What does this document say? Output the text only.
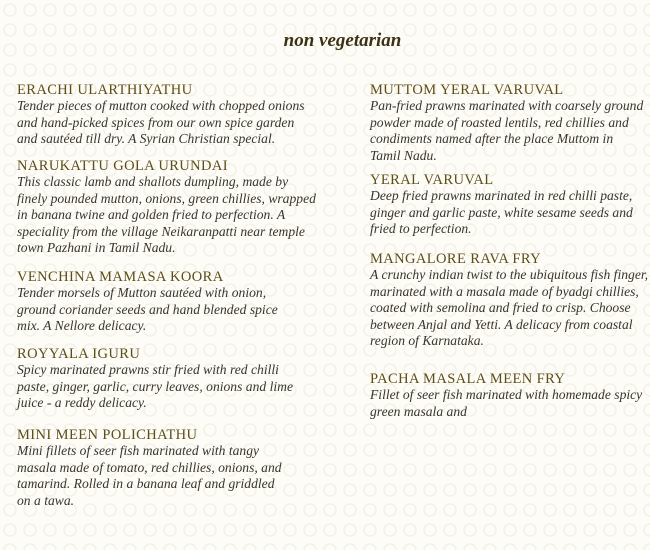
non vegetarian
ERACHI ULARTHIYATHU
Tender pieces of mutton cooked with chopped onions
and hand-picked spices from our own spice garden
and sautéed till dry. A Syrian Christian special.
NARUKATTU GOLA URUNDAI
This classic lamb and shallots dumpling, made by
finely pounded mutton, onions, green chillies, wrapped
in banana twine and golden fried to perfection. A
speciality from the village Neikaranpatti near temple
town Pazhani in Tamil Nadu.
VENCHINA MAMASA KOORA
Tender morsels of Mutton sautéed with onion,
ground coriander seeds and hand blended spice
mix. A Nellore delicacy.
ROYYALA IGURU
Spicy marinated prawns stir fried with red chilli
paste, ginger, garlic, curry leaves, onions and lime
juice - a reddy delicacy.
MINI MEEN POLICHATHU
Mini fillets of seer fish marinated with tangy
masala made of tomato, red chillies, onions, and
tamarind. Rolled in a banana leaf and griddled
on a tawa.
MUTTOM YERAL VARUVAL
Pan-fried prawns marinated with coarsely ground
powder made of roasted lentils, red chillies and
condiments named after the place Muttom in
Tamil Nadu.
YERAL VARUVAL
Deep fried prawns marinated in red chilli paste,
ginger and garlic paste, white sesame seeds and
fried to perfection.
MANGALORE RAVA FRY
A crunchy indian twist to the ubiquitous fish finger,
marinated with a masala made of byadgi chillies,
coated with semolina and fried to crisp. Choose
between Anjal and Yetti. A delicacy from coastal
region of Karnataka.
PACHA MASALA MEEN FRY
Fillet of seer fish marinated with homemade spicy
green masala and
